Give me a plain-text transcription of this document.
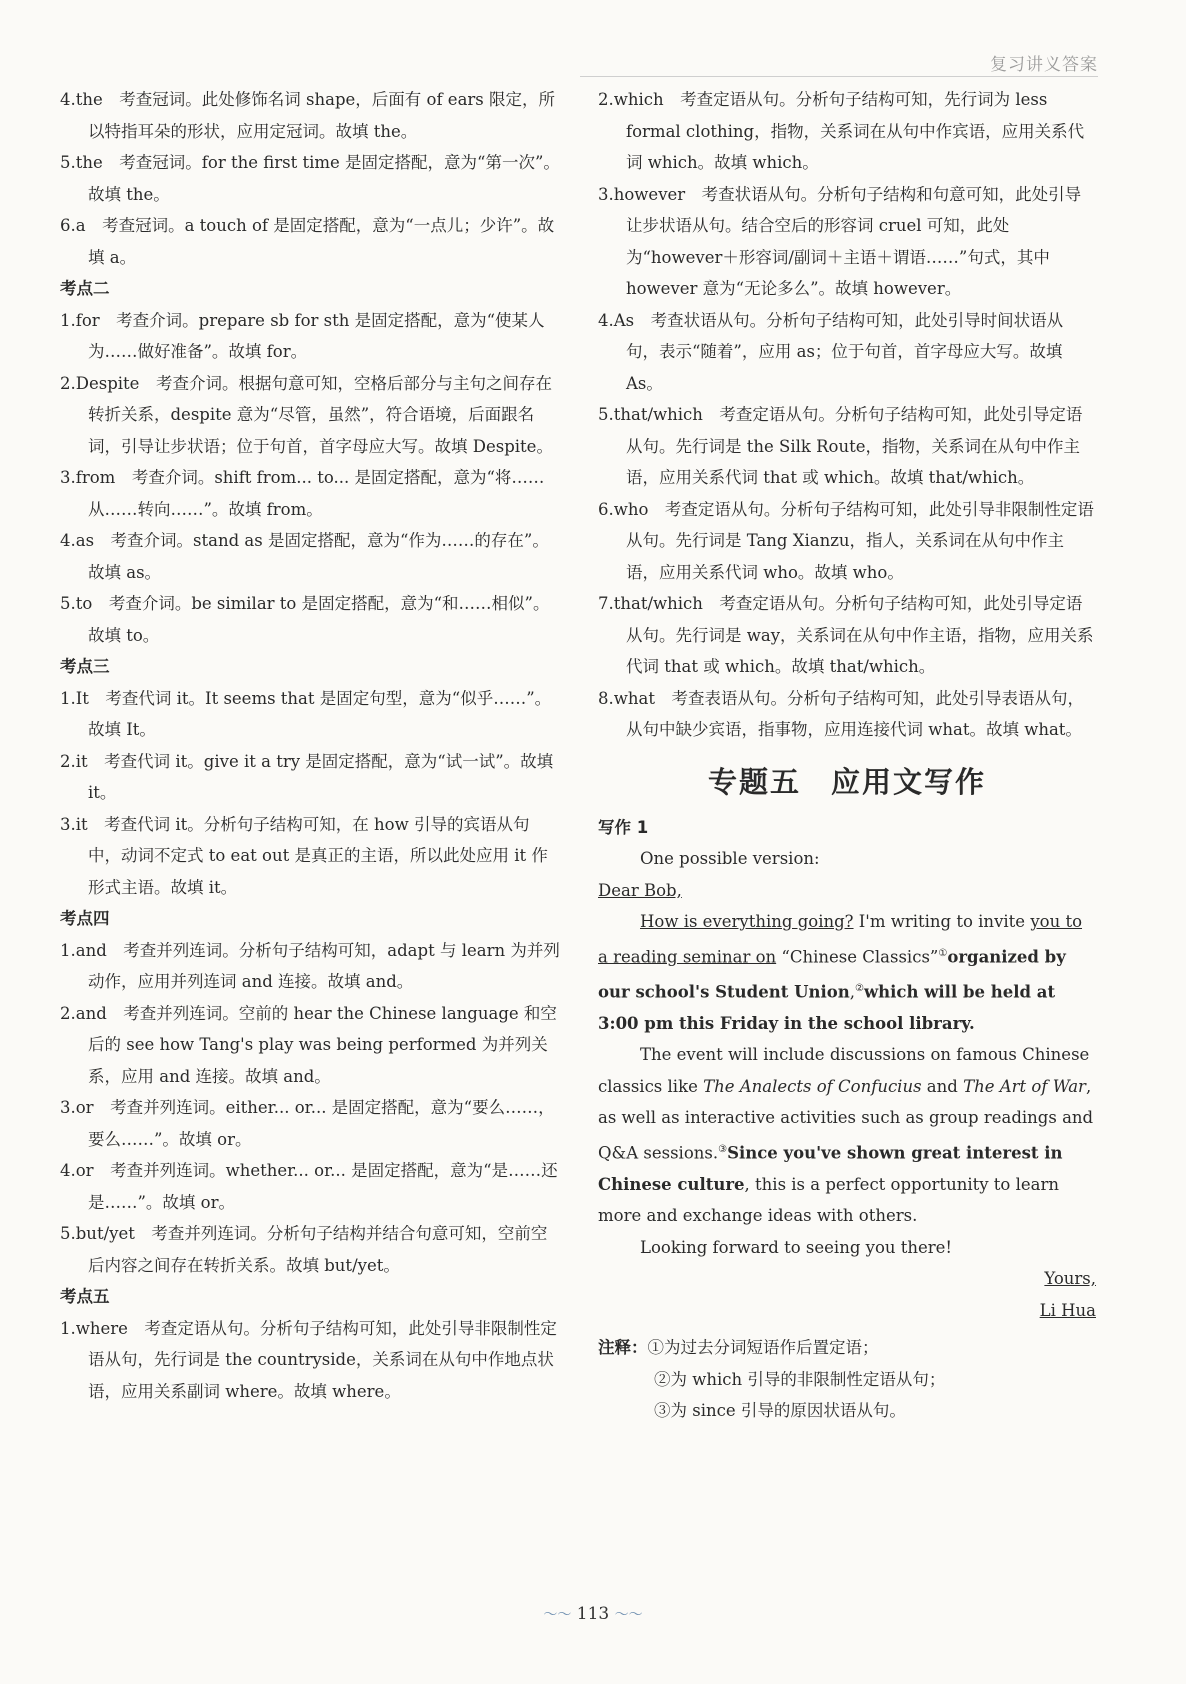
复习讲义答案

4.the　考查冠词。此处修饰名词 shape，后面有 of ears 限定，所以特指耳朵的形状，应用定冠词。故填 the。

5.the　考查冠词。for the first time 是固定搭配，意为“第一次”。故填 the。

6.a　考查冠词。a touch of 是固定搭配，意为“一点儿；少许”。故填 a。

考点二

1.for　考查介词。prepare sb for sth 是固定搭配，意为“使某人为……做好准备”。故填 for。

2.Despite　考查介词。根据句意可知，空格后部分与主句之间存在转折关系，despite 意为“尽管，虽然”，符合语境，后面跟名词，引导让步状语；位于句首，首字母应大写。故填 Despite。

3.from　考查介词。shift from... to... 是固定搭配，意为“将……从……转向……”。故填 from。

4.as　考查介词。stand as 是固定搭配，意为“作为……的存在”。故填 as。

5.to　考查介词。be similar to 是固定搭配，意为“和……相似”。故填 to。

考点三

1.It　考查代词 it。It seems that 是固定句型，意为“似乎……”。故填 It。

2.it　考查代词 it。give it a try 是固定搭配，意为“试一试”。故填 it。

3.it　考查代词 it。分析句子结构可知，在 how 引导的宾语从句中，动词不定式 to eat out 是真正的主语，所以此处应用 it 作形式主语。故填 it。

考点四

1.and　考查并列连词。分析句子结构可知，adapt 与 learn 为并列动作，应用并列连词 and 连接。故填 and。

2.and　考查并列连词。空前的 hear the Chinese language 和空后的 see how Tang's play was being performed 为并列关系，应用 and 连接。故填 and。

3.or　考查并列连词。either... or... 是固定搭配，意为“要么……，要么……”。故填 or。

4.or　考查并列连词。whether... or... 是固定搭配，意为“是……还是……”。故填 or。

5.but/yet　考查并列连词。分析句子结构并结合句意可知，空前空后内容之间存在转折关系。故填 but/yet。

考点五

1.where　考查定语从句。分析句子结构可知，此处引导非限制性定语从句，先行词是 the countryside，关系词在从句中作地点状语，应用关系副词 where。故填 where。

2.which　考查定语从句。分析句子结构可知，先行词为 less formal clothing，指物，关系词在从句中作宾语，应用关系代词 which。故填 which。

3.however　考查状语从句。分析句子结构和句意可知，此处引导让步状语从句。结合空后的形容词 cruel 可知，此处为“however＋形容词/副词＋主语＋谓语……”句式，其中 however 意为“无论多么”。故填 however。

4.As　考查状语从句。分析句子结构可知，此处引导时间状语从句，表示“随着”，应用 as；位于句首，首字母应大写。故填 As。

5.that/which　考查定语从句。分析句子结构可知，此处引导定语从句。先行词是 the Silk Route，指物，关系词在从句中作主语，应用关系代词 that 或 which。故填 that/which。

6.who　考查定语从句。分析句子结构可知，此处引导非限制性定语从句。先行词是 Tang Xianzu，指人，关系词在从句中作主语，应用关系代词 who。故填 who。

7.that/which　考查定语从句。分析句子结构可知，此处引导定语从句。先行词是 way，关系词在从句中作主语，指物，应用关系代词 that 或 which。故填 that/which。

8.what　考查表语从句。分析句子结构可知，此处引导表语从句，从句中缺少宾语，指事物，应用连接代词 what。故填 what。

专题五 应用文写作

写作 1

One possible version:

Dear Bob,

How is everything going? I'm writing to invite you to a reading seminar on “Chinese Classics”①organized by our school's Student Union,②which will be held at 3:00 pm this Friday in the school library.

The event will include discussions on famous Chinese classics like The Analects of Confucius and The Art of War, as well as interactive activities such as group readings and Q&A sessions.③Since you've shown great interest in Chinese culture, this is a perfect opportunity to learn more and exchange ideas with others.

Looking forward to seeing you there!

Yours,

Li Hua

注释：①为过去分词短语作后置定语；

②为 which 引导的非限制性定语从句；

③为 since 引导的原因状语从句。

～～ 113 ～～
